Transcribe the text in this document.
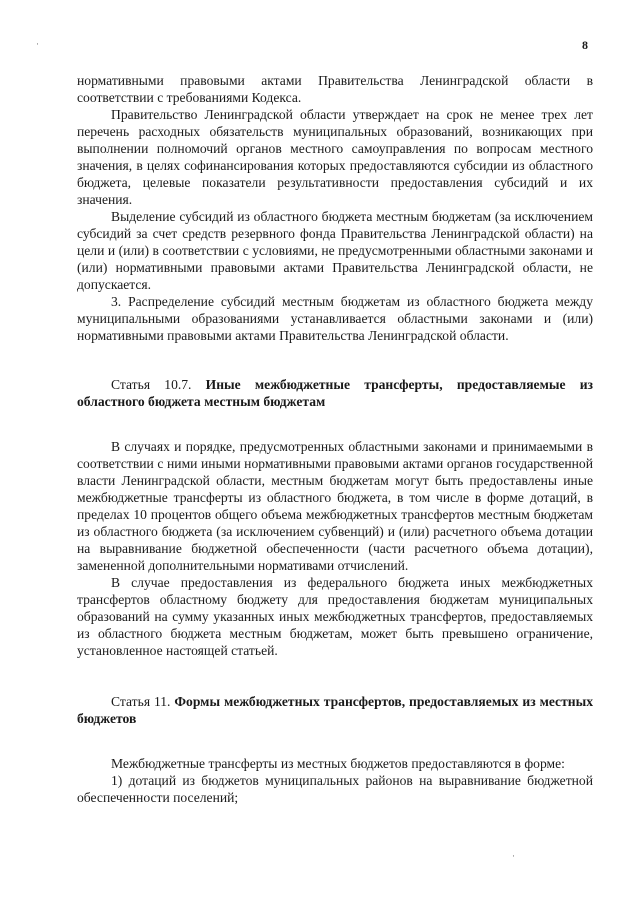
·
·
8

нормативными правовыми актами Правительства Ленинградской области в соответствии с требованиями Кодекса.

Правительство Ленинградской области утверждает на срок не менее трех лет перечень расходных обязательств муниципальных образований, возникающих при выполнении полномочий органов местного самоуправления по вопросам местного значения, в целях софинансирования которых предоставляются субсидии из областного бюджета, целевые показатели результативности предоставления субсидий и их значения.

Выделение субсидий из областного бюджета местным бюджетам (за исключением субсидий за счет средств резервного фонда Правительства Ленинградской области) на цели и (или) в соответствии с условиями, не предусмотренными областными законами и (или) нормативными правовыми актами Правительства Ленинградской области, не допускается.

3. Распределение субсидий местным бюджетам из областного бюджета между муниципальными образованиями устанавливается областными законами и (или) нормативными правовыми актами Правительства Ленинградской области.

Статья 10.7. Иные межбюджетные трансферты, предоставляемые из областного бюджета местным бюджетам

В случаях и порядке, предусмотренных областными законами и принимаемыми в соответствии с ними иными нормативными правовыми актами органов государственной власти Ленинградской области, местным бюджетам могут быть предоставлены иные межбюджетные трансферты из областного бюджета, в том числе в форме дотаций, в пределах 10 процентов общего объема межбюджетных трансфертов местным бюджетам из областного бюджета (за исключением субвенций) и (или) расчетного объема дотации на выравнивание бюджетной обеспеченности (части расчетного объема дотации), замененной дополнительными нормативами отчислений.

В случае предоставления из федерального бюджета иных межбюджетных трансфертов областному бюджету для предоставления бюджетам муниципальных образований на сумму указанных иных межбюджетных трансфертов, предоставляемых из областного бюджета местным бюджетам, может быть превышено ограничение, установленное настоящей статьей.

Статья 11. Формы межбюджетных трансфертов, предоставляемых из местных бюджетов

Межбюджетные трансферты из местных бюджетов предоставляются в форме:

1) дотаций из бюджетов муниципальных районов на выравнивание бюджетной обеспеченности поселений;
